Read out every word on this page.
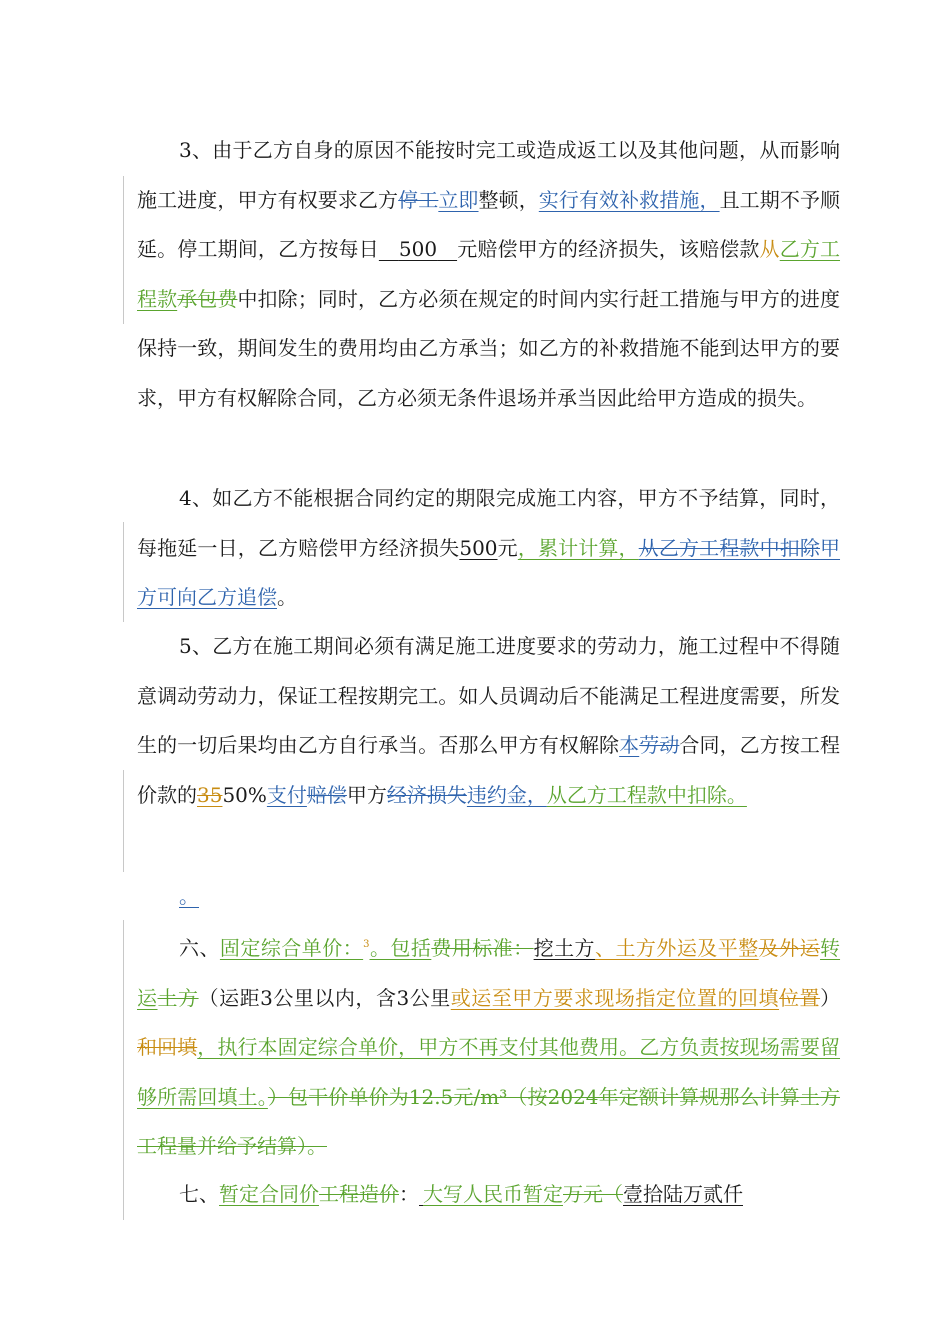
3、由于乙方自身的原因不能按时完工或造成返工以及其他问题，从而影响施工进度，甲方有权要求乙方停工立即整顿，实行有效补救措施，且工期不予顺延。停工期间，乙方按每日  500  元赔偿甲方的经济损失，该赔偿款从乙方工程款承包费中扣除；同时，乙方必须在规定的时间内实行赶工措施与甲方的进度保持一致，期间发生的费用均由乙方承当；如乙方的补救措施不能到达甲方的要求，甲方有权解除合同，乙方必须无条件退场并承当因此给甲方造成的损失。

4、如乙方不能根据合同约定的期限完成施工内容，甲方不予结算，同时，每拖延一日，乙方赔偿甲方经济损失500元，累计计算，从乙方工程款中扣除甲方可向乙方追偿。

5、乙方在施工期间必须有满足施工进度要求的劳动力，施工过程中不得随意调动劳动力，保证工程按期完工。如人员调动后不能满足工程进度需要，所发生的一切后果均由乙方自行承当。否那么甲方有权解除本劳动合同，乙方按工程价款的3550%支付赔偿甲方经济损失违约金，从乙方工程款中扣除。

。 

六、固定综合单价：$^3$。包括费用标准：挖土方、土方外运及平整及外运转运土方（运距3公里以内，含3公里或运至甲方要求现场指定位置的回填位置）和回填，执行本固定综合单价，甲方不再支付其他费用。乙方负责按现场需要留够所需回填土。）包干价单价为12.5元/m³（按2024年定额计算规那么计算土方工程量并给予结算）。

七、暂定合同价工程造价：  大写人民币暂定万元（壹拾陆万贰仟
